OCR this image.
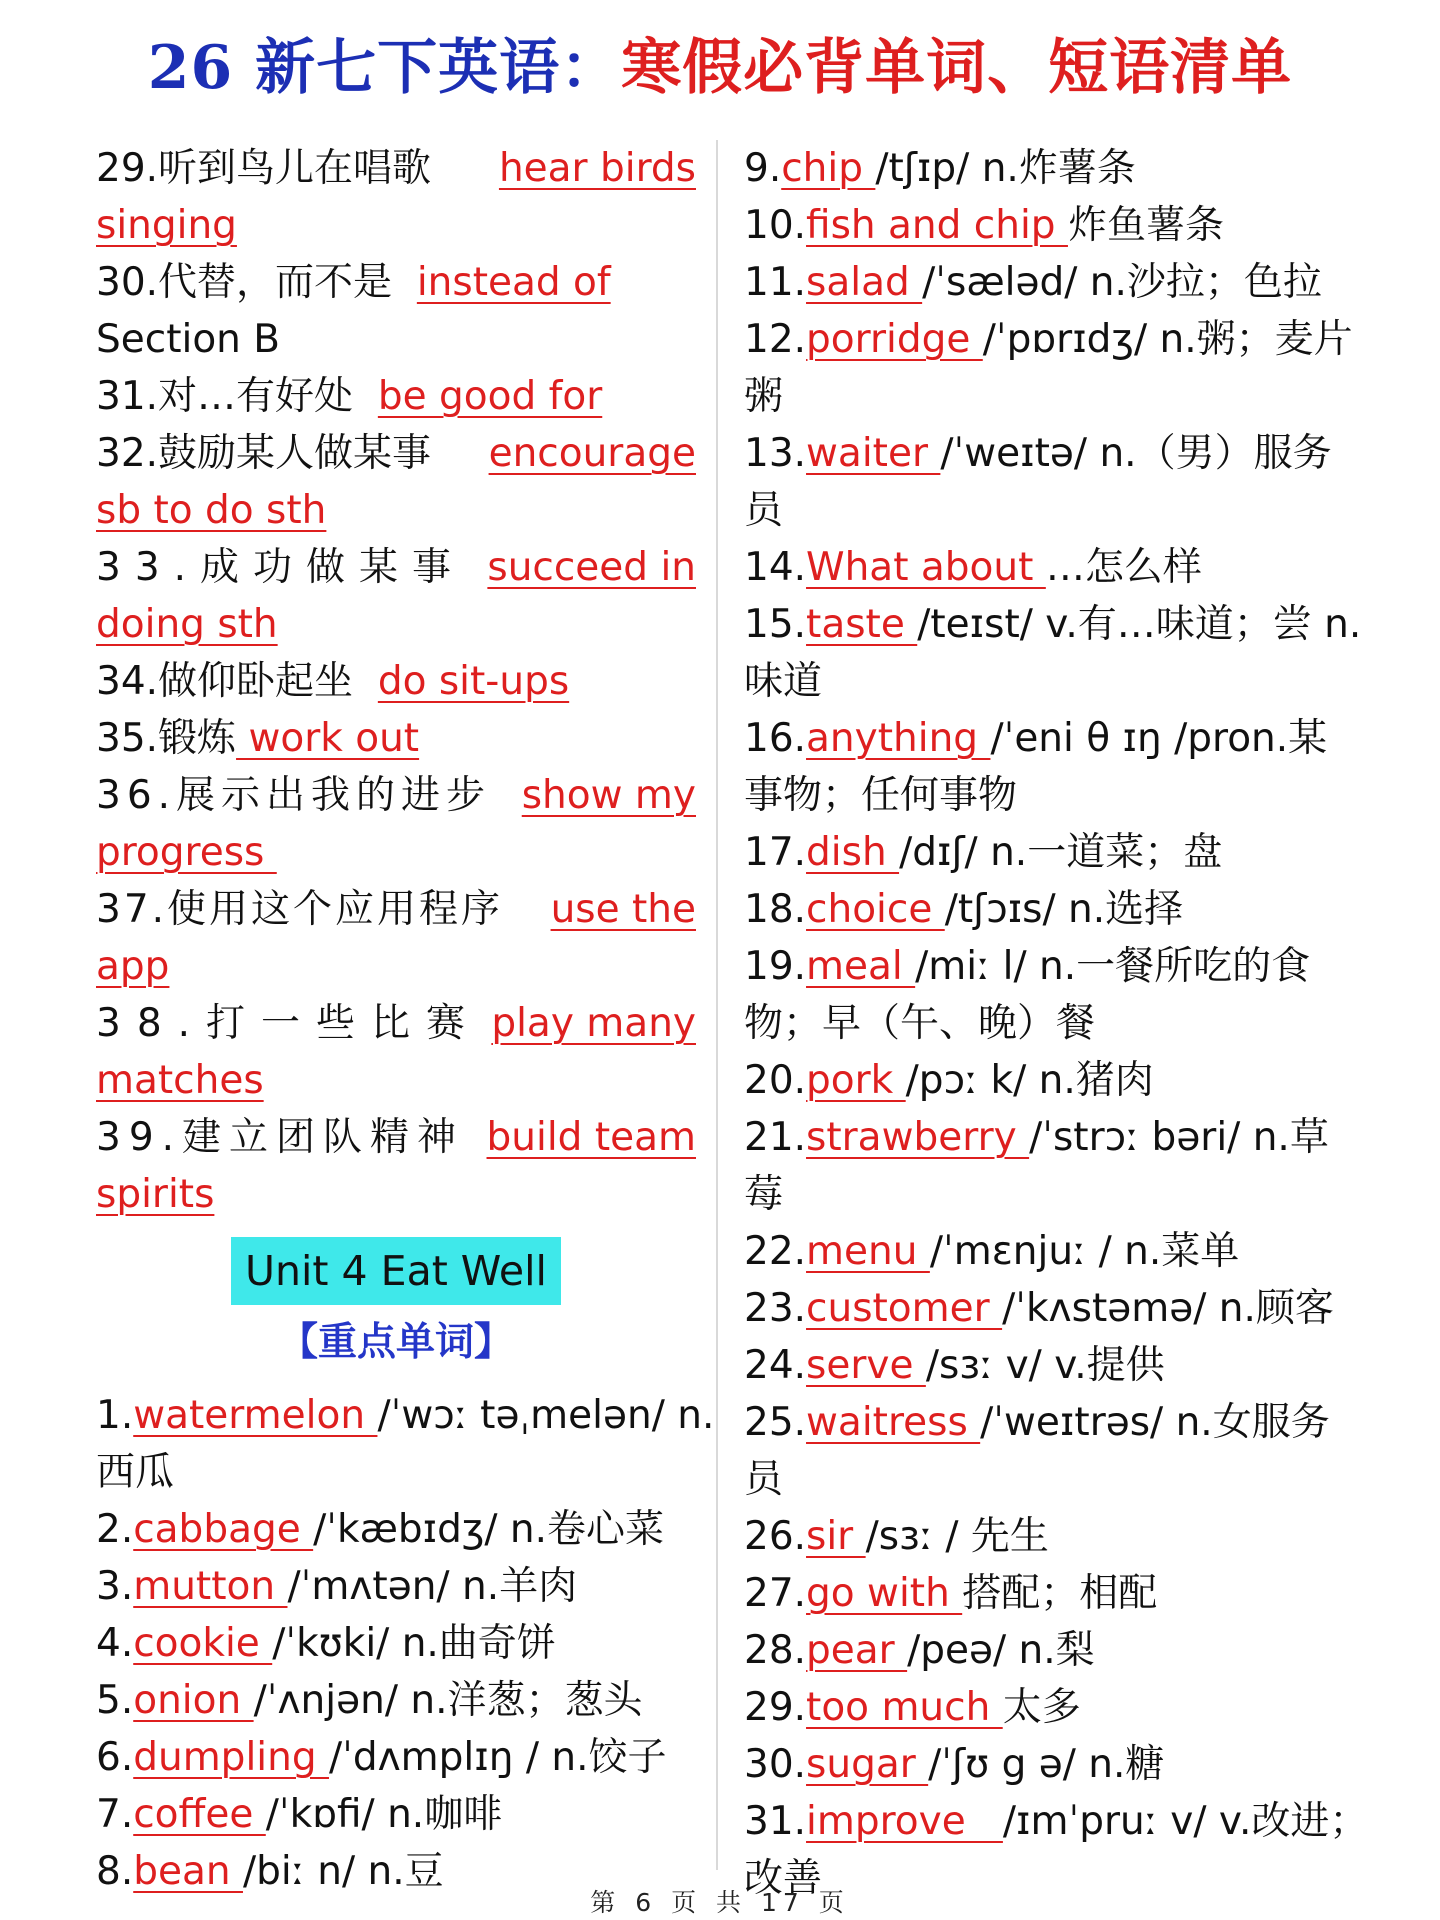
26 新七下英语：寒假必背单词、短语清单
29.听到鸟儿在唱歌 hear birds
singing
30.代替，而不是 instead of
Section B
31.对…有好处 be good for
32.鼓励某人做某事 encourage
sb to do sth
33.成功做某事 succeed in
doing sth
34.做仰卧起坐 do sit-ups
35.锻炼 work out
36.展示出我的进步 show my
progress
37.使用这个应用程序 use the
app
38.打一些比赛 play many
matches
39.建立团队精神 build team
spirits
Unit 4 Eat Well
【重点单词】
1.watermelon /ˈwɔː təˌmelən/ n.
西瓜
2.cabbage /ˈkæbɪdʒ/ n.卷心菜
3.mutton /ˈmʌtən/ n.羊肉
4.cookie /ˈkʊki/ n.曲奇饼
5.onion /ˈʌnjən/ n.洋葱；葱头
6.dumpling /ˈdʌmplɪŋ / n.饺子
7.coffee /ˈkɒfi/ n.咖啡
8.bean /biː n/ n.豆
9.chip /tʃɪp/ n.炸薯条
10.fish and chip 炸鱼薯条
11.salad /ˈsæləd/ n.沙拉；色拉
12.porridge /ˈpɒrɪdʒ/ n.粥；麦片
粥
13.waiter /ˈweɪtə/ n.（男）服务
员
14.What about …怎么样
15.taste /teɪst/ v.有…味道；尝 n.
味道
16.anything /ˈeni θ ɪŋ /pron.某
事物；任何事物
17.dish /dɪʃ/ n.一道菜；盘
18.choice /tʃɔɪs/ n.选择
19.meal /miː l/ n.一餐所吃的食
物；早（午、晚）餐
20.pork /pɔː k/ n.猪肉
21.strawberry /ˈstrɔː bəri/ n.草
莓
22.menu /ˈmɛnjuː / n.菜单
23.customer /ˈkʌstəmə/ n.顾客
24.serve /sɜː v/ v.提供
25.waitress /ˈweɪtrəs/ n.女服务
员
26.sir /sɜː / 先生
27.go with 搭配；相配
28.pear /peə/ n.梨
29.too much 太多
30.sugar /ˈʃʊ g ə/ n.糖
31.improve   /ɪmˈpruː v/ v.改进；
改善
第 6 页 共 17 页
